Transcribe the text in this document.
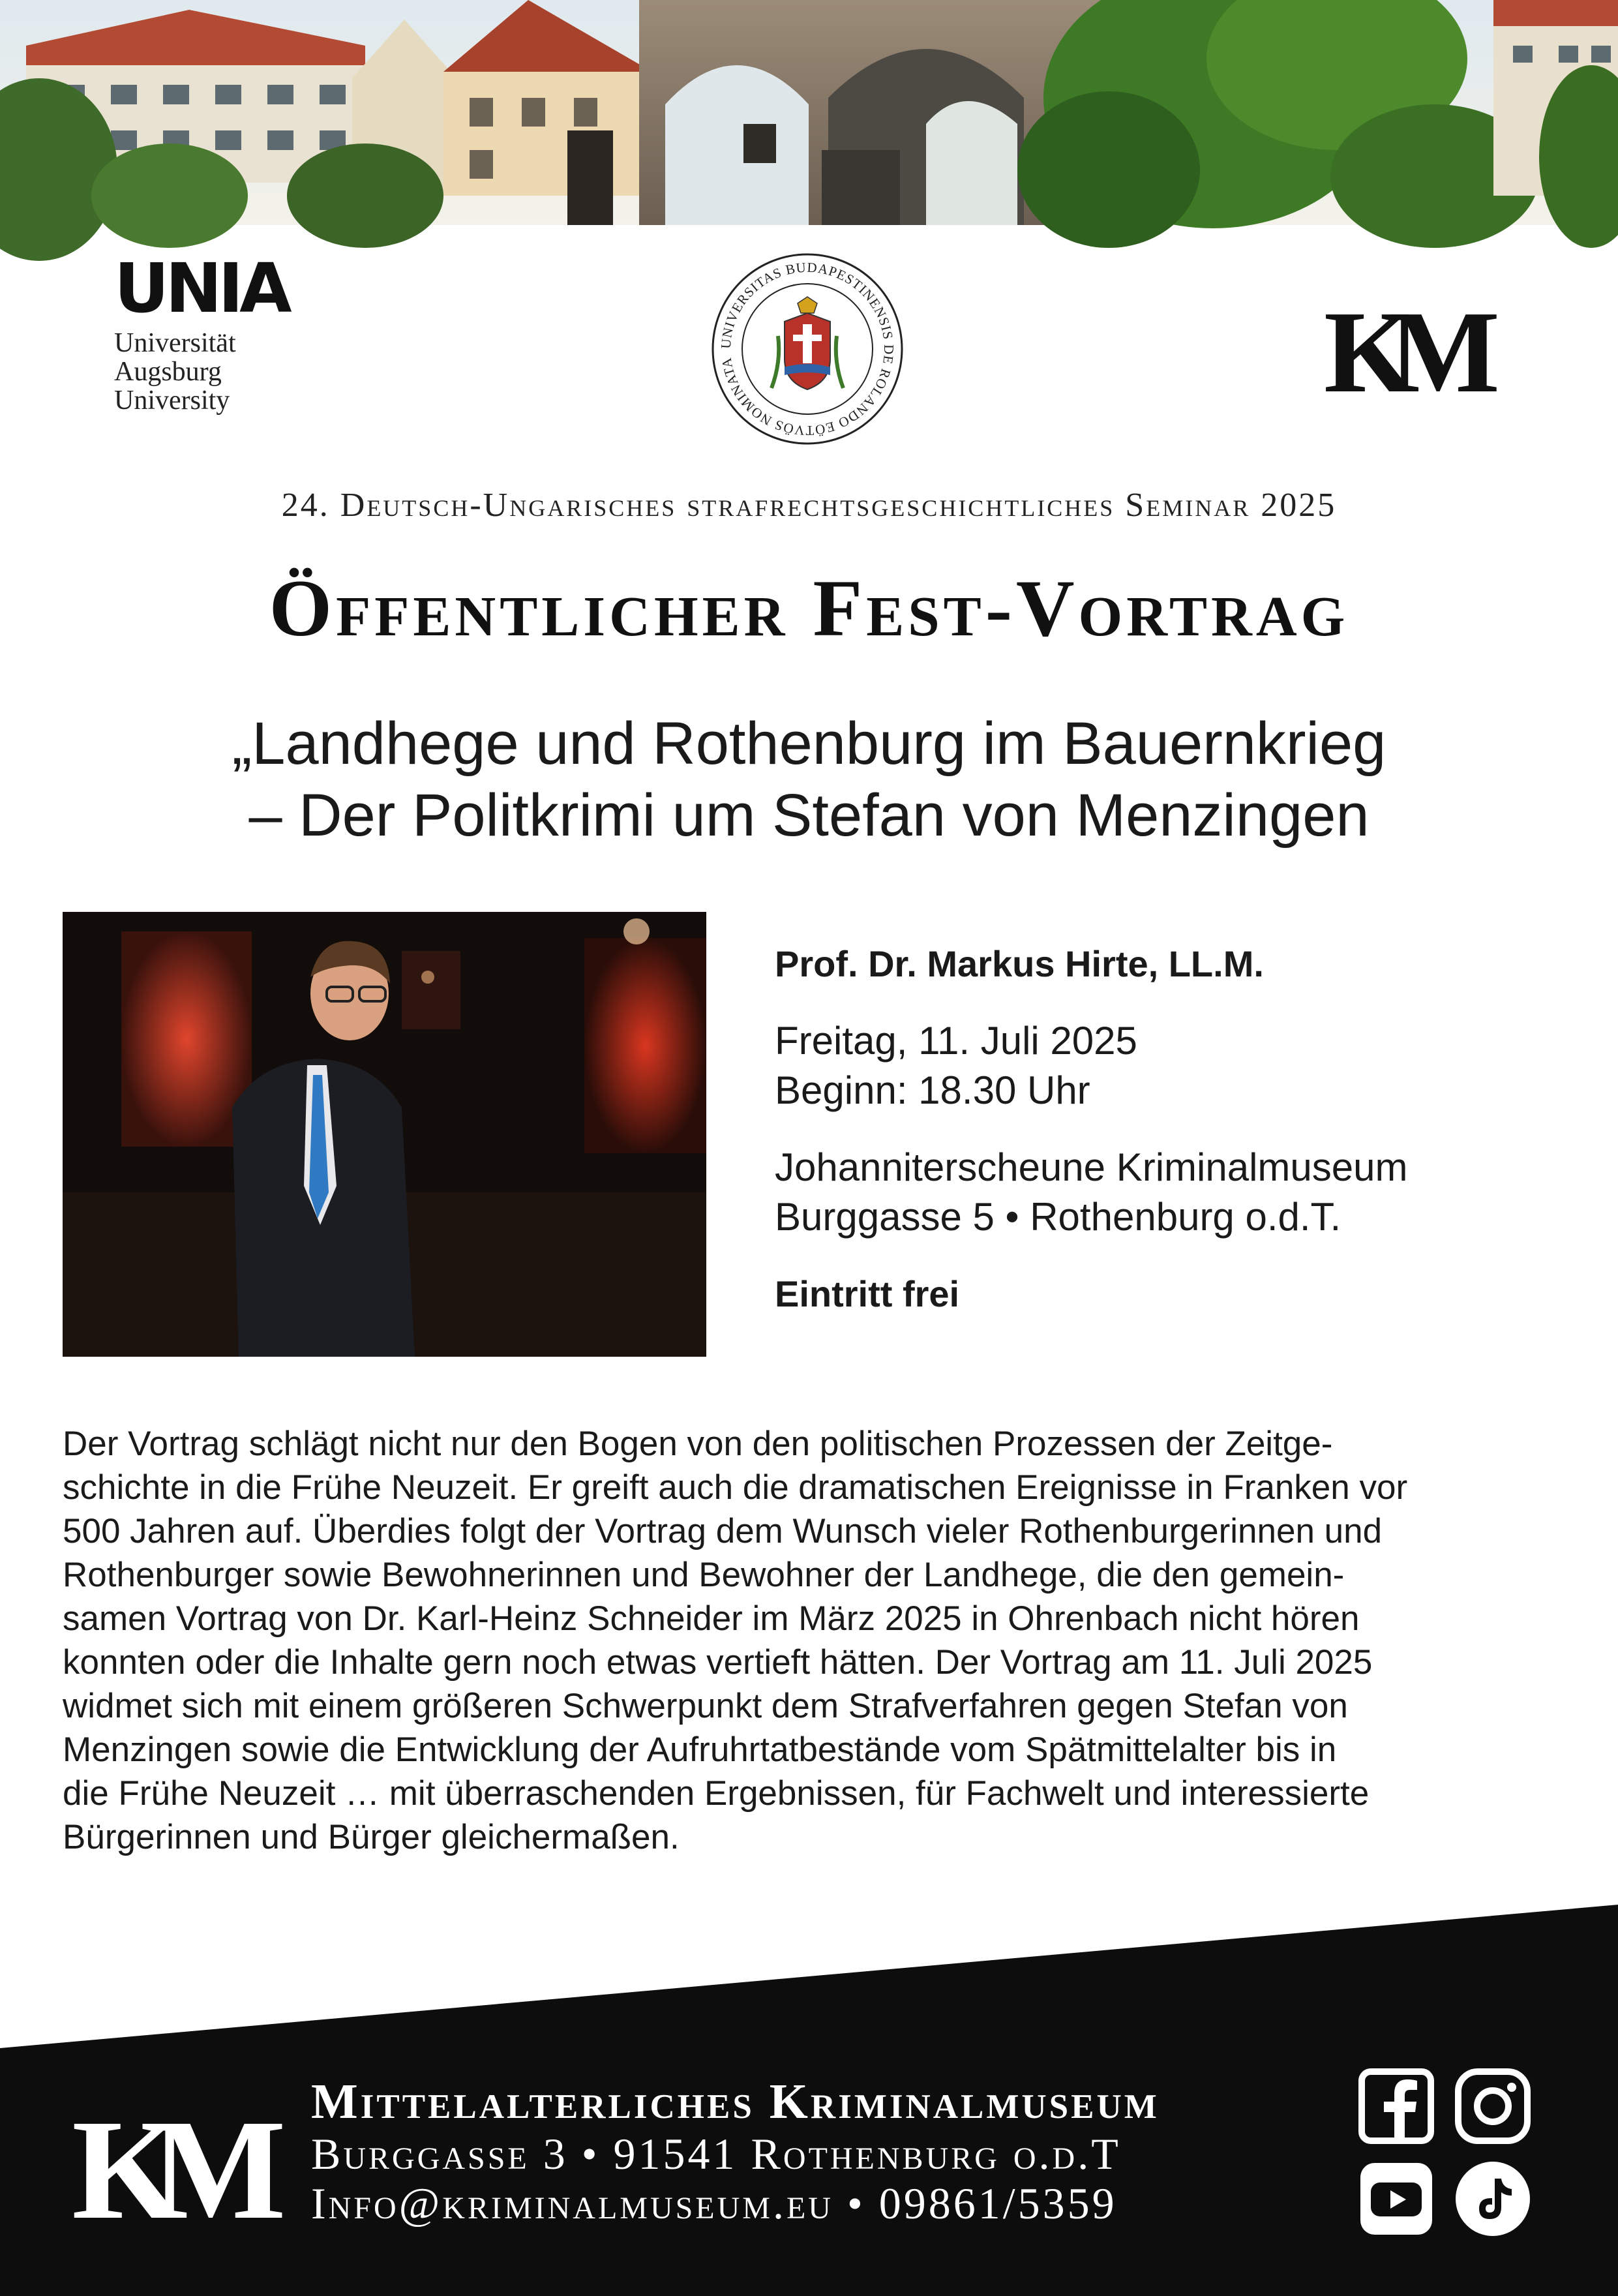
UNIA
Universität
Augsburg
University
UNIVERSITAS BUDAPESTINENSIS DE ROLANDO EÖTVÖS NOMINATA	KM
24. Deutsch-Ungarisches strafrechtsgeschichtliches Seminar 2025
Öffentlicher Fest-Vortrag
„Landhege und Rothenburg im Bauernkrieg
– Der Politkrimi um Stefan von Menzingen
Prof. Dr. Markus Hirte, LL.M.
Freitag, 11. Juli 2025
Beginn: 18.30 Uhr
Johanniterscheune Kriminalmuseum
Burggasse 5 • Rothenburg o.d.T.
Eintritt frei
Der Vortrag schlägt nicht nur den Bogen von den politischen Prozessen der Zeitge-
schichte in die Frühe Neuzeit. Er greift auch die dramatischen Ereignisse in Franken vor
500 Jahren auf. Überdies folgt der Vortrag dem Wunsch vieler Rothenburgerinnen und
Rothenburger sowie Bewohnerinnen und Bewohner der Landhege, die den gemein-
samen Vortrag von Dr. Karl-Heinz Schneider im März 2025 in Ohrenbach nicht hören
konnten oder die Inhalte gern noch etwas vertieft hätten. Der Vortrag am 11. Juli 2025
widmet sich mit einem größeren Schwerpunkt dem Strafverfahren gegen Stefan von
Menzingen sowie die Entwicklung der Aufruhrtatbestände vom Spätmittelalter bis in
die Frühe Neuzeit … mit überraschenden Ergebnissen, für Fachwelt und interessierte
Bürgerinnen und Bürger gleichermaßen.
KM	Mittelalterliches Kriminalmuseum
Burggasse 3 • 91541 Rothenburg o.d.T
Info@kriminalmuseum.eu • 09861/5359
